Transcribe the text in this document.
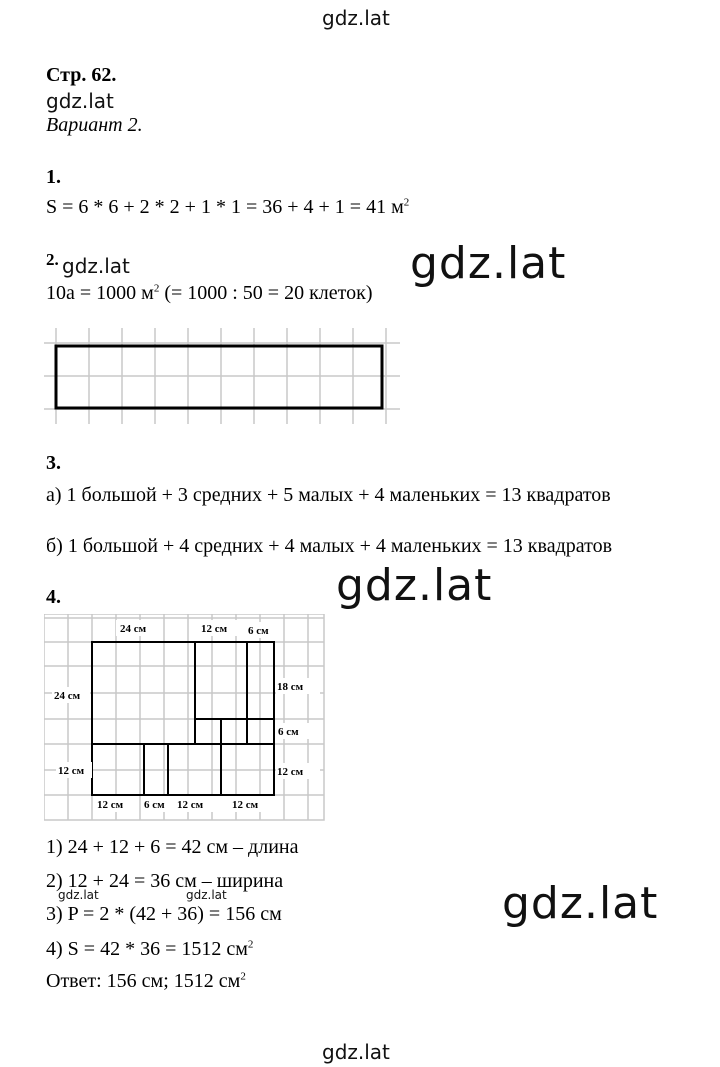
gdz.lat
Стр. 62.
gdz.lat
Вариант 2.
1.
S = 6 * 6 + 2 * 2 + 1 * 1 = 36 + 4 + 1 = 41 $м^2$
2. gdz.lat
10а = 1000 $м^2$ (= 1000 : 50 = 20 клеток)
gdz.lat
3.
а) 1 большой + 3 средних + 5 малых + 4 маленьких = 13 квадратов
б) 1 большой + 4 средних + 4 малых + 4 маленьких = 13 квадратов
gdz.lat
4.
24 см	12 см 6 см
24 см
18 см
6 см
12 см	12 см
12 см 6 см 12 см	12 см
1) 24 + 12 + 6 = 42 см – длина
2) 12 + 24 = 36 см – ширина
gdz.lat	gdz.lat
3) P = 2 * (42 + 36) = 156 см
4) S = 42 * 36 = 1512 $см^2$
Ответ: 156 см; 1512 $см^2$
gdz.lat
gdz.lat
